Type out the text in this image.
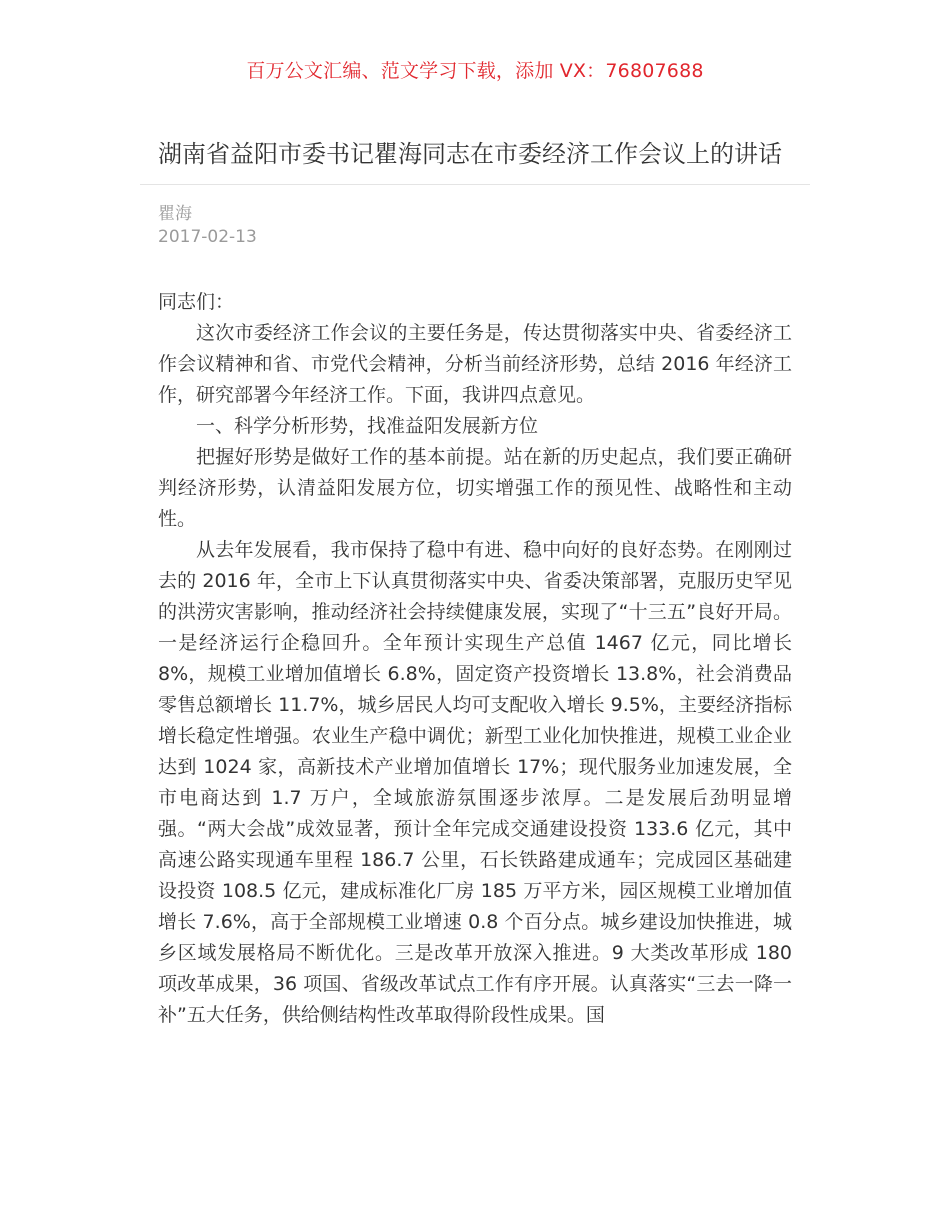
百万公文汇编、范文学习下载，添加 VX：76807688
湖南省益阳市委书记瞿海同志在市委经济工作会议上的讲话
瞿海
2017-02-13

同志们：

这次市委经济工作会议的主要任务是，传达贯彻落实中央、省委经济工作会议精神和省、市党代会精神，分析当前经济形势，总结 2016 年经济工作，研究部署今年经济工作。下面，我讲四点意见。

一、科学分析形势，找准益阳发展新方位

把握好形势是做好工作的基本前提。站在新的历史起点，我们要正确研判经济形势，认清益阳发展方位，切实增强工作的预见性、战略性和主动性。

从去年发展看，我市保持了稳中有进、稳中向好的良好态势。在刚刚过去的 2016 年，全市上下认真贯彻落实中央、省委决策部署，克服历史罕见的洪涝灾害影响，推动经济社会持续健康发展，实现了“十三五”良好开局。一是经济运行企稳回升。全年预计实现生产总值 1467 亿元，同比增长 8%，规模工业增加值增长 6.8%，固定资产投资增长 13.8%，社会消费品零售总额增长 11.7%，城乡居民人均可支配收入增长 9.5%，主要经济指标增长稳定性增强。农业生产稳中调优；新型工业化加快推进，规模工业企业达到 1024 家，高新技术产业增加值增长 17%；现代服务业加速发展，全市电商达到 1.7 万户，全域旅游氛围逐步浓厚。二是发展后劲明显增强。“两大会战”成效显著，预计全年完成交通建设投资 133.6 亿元，其中高速公路实现通车里程 186.7 公里，石长铁路建成通车；完成园区基础建设投资 108.5 亿元，建成标准化厂房 185 万平方米，园区规模工业增加值增长 7.6%，高于全部规模工业增速 0.8 个百分点。城乡建设加快推进，城乡区域发展格局不断优化。三是改革开放深入推进。9 大类改革形成 180 项改革成果，36 项国、省级改革试点工作有序开展。认真落实“三去一降一补”五大任务，供给侧结构性改革取得阶段性成果。国
